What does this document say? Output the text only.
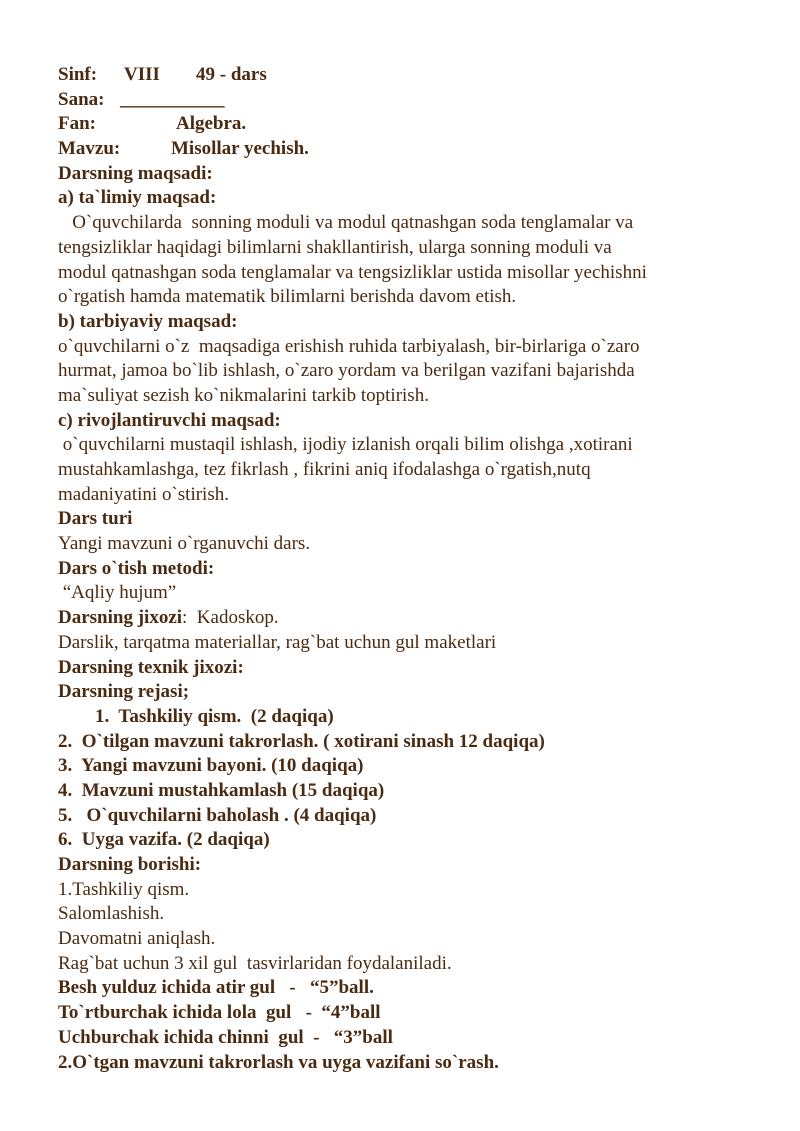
Sinf: VIII 49 - dars
Sana: ___________
Fan:	Algebra.
Mavzu:	Misollar yechish.
Darsning maqsadi:
a) ta`limiy maqsad:
O`quvchilarda  sonning moduli va modul qatnashgan soda tenglamalar va
tengsizliklar haqidagi bilimlarni shakllantirish, ularga sonning moduli va
modul qatnashgan soda tenglamalar va tengsizliklar ustida misollar yechishni
o`rgatish hamda matematik bilimlarni berishda davom etish.
b) tarbiyaviy maqsad:
o`quvchilarni o`z  maqsadiga erishish ruhida tarbiyalash, bir-birlariga o`zaro
hurmat, jamoa bo`lib ishlash, o`zaro yordam va berilgan vazifani bajarishda
ma`suliyat sezish ko`nikmalarini tarkib toptirish.
c) rivojlantiruvchi maqsad:
o`quvchilarni mustaqil ishlash, ijodiy izlanish orqali bilim olishga ,xotirani
mustahkamlashga, tez fikrlash , fikrini aniq ifodalashga o`rgatish,nutq
madaniyatini o`stirish.
Dars turi
Yangi mavzuni o`rganuvchi dars.
Dars o`tish metodi:
“Aqliy hujum”
Darsning jixozi:  Kadoskop.
Darslik, tarqatma materiallar, rag`bat uchun gul maketlari
Darsning texnik jixozi:
Darsning rejasi;
1.  Tashkiliy qism.  (2 daqiqa)
2.  O`tilgan mavzuni takrorlash. ( xotirani sinash 12 daqiqa)
3.  Yangi mavzuni bayoni. (10 daqiqa)
4.  Mavzuni mustahkamlash (15 daqiqa)
5.   O`quvchilarni baholash . (4 daqiqa)
6.  Uyga vazifa. (2 daqiqa)
Darsning borishi:
1.Tashkiliy qism.
Salomlashish.
Davomatni aniqlash.
Rag`bat uchun 3 xil gul  tasvirlaridan foydalaniladi.
Besh yulduz ichida atir gul   -   “5”ball.
To`rtburchak ichida lola  gul   -  “4”ball
Uchburchak ichida chinni  gul  -   “3”ball
2.O`tgan mavzuni takrorlash va uyga vazifani so`rash.
